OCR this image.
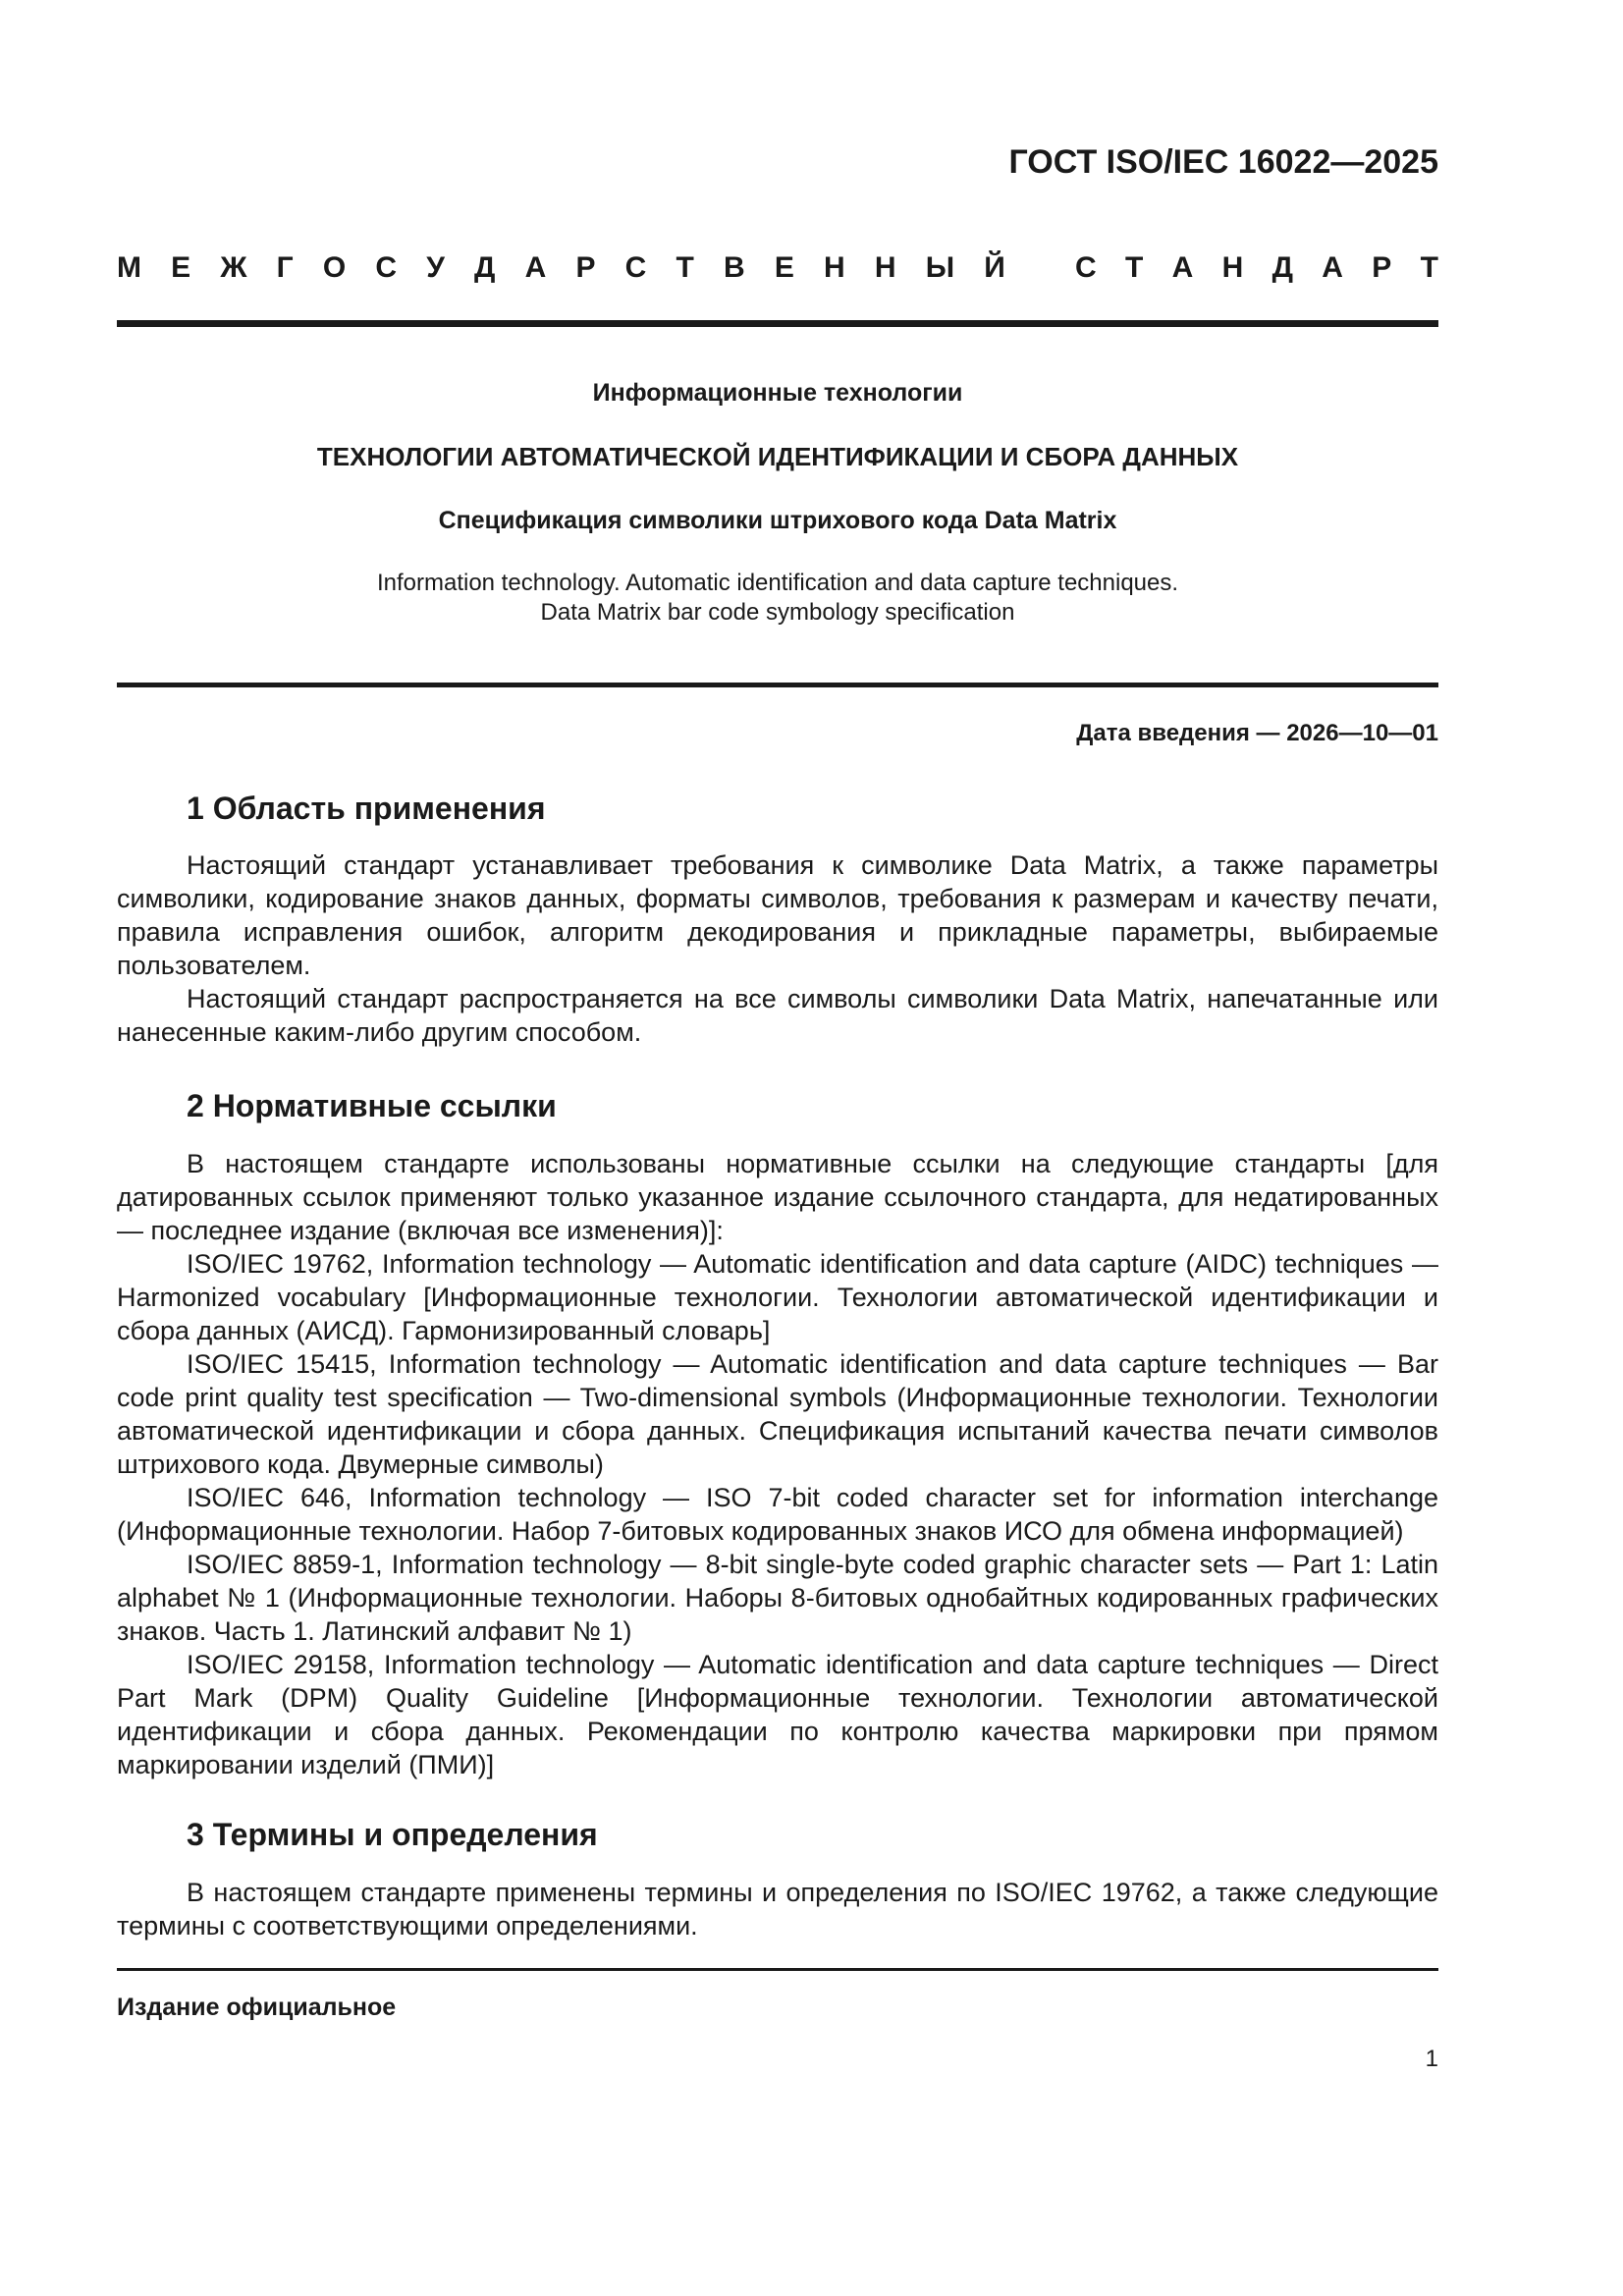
ГОСТ ISO/IEC 16022—2025
М Е Ж Г О С У Д А Р С Т В Е Н Н Ы Й С Т А Н Д А Р Т
Информационные технологии
ТЕХНОЛОГИИ АВТОМАТИЧЕСКОЙ ИДЕНТИФИКАЦИИ И СБОРА ДАННЫХ
Спецификация символики штрихового кода Data Matrix
Information technology. Automatic identification and data capture techniques.
Data Matrix bar code symbology specification
Дата введения — 2026—10—01
1 Область применения

Настоящий стандарт устанавливает требования к символике Data Matrix, а также параметры символики, кодирование знаков данных, форматы символов, требования к размерам и качеству печати, правила исправления ошибок, алгоритм декодирования и прикладные параметры, выбираемые пользователем.

Настоящий стандарт распространяется на все символы символики Data Matrix, напечатанные или нанесенные каким-либо другим способом.

2 Нормативные ссылки

В настоящем стандарте использованы нормативные ссылки на следующие стандарты [для датированных ссылок применяют только указанное издание ссылочного стандарта, для недатированных — последнее издание (включая все изменения)]:

ISO/IEC 19762, Information technology — Automatic identification and data capture (AIDC) techniques — Harmonized vocabulary [Информационные технологии. Технологии автоматической идентификации и сбора данных (АИСД). Гармонизированный словарь]

ISO/IEC 15415, Information technology — Automatic identification and data capture techniques — Bar code print quality test specification — Two-dimensional symbols (Информационные технологии. Технологии автоматической идентификации и сбора данных. Спецификация испытаний качества печати символов штрихового кода. Двумерные символы)

ISO/IEC 646, Information technology — ISO 7-bit coded character set for information interchange (Информационные технологии. Набор 7-битовых кодированных знаков ИСО для обмена информацией)

ISO/IEC 8859-1, Information technology — 8-bit single-byte coded graphic character sets — Part 1: Latin alphabet № 1 (Информационные технологии. Наборы 8-битовых однобайтных кодированных графических знаков. Часть 1. Латинский алфавит № 1)

ISO/IEC 29158, Information technology — Automatic identification and data capture techniques — Direct Part Mark (DPM) Quality Guideline [Информационные технологии. Технологии автоматической идентификации и сбора данных. Рекомендации по контролю качества маркировки при прямом маркировании изделий (ПМИ)]

3 Термины и определения

В настоящем стандарте применены термины и определения по ISO/IEC 19762, а также следующие термины с соответствующими определениями.

Издание официальное
1
